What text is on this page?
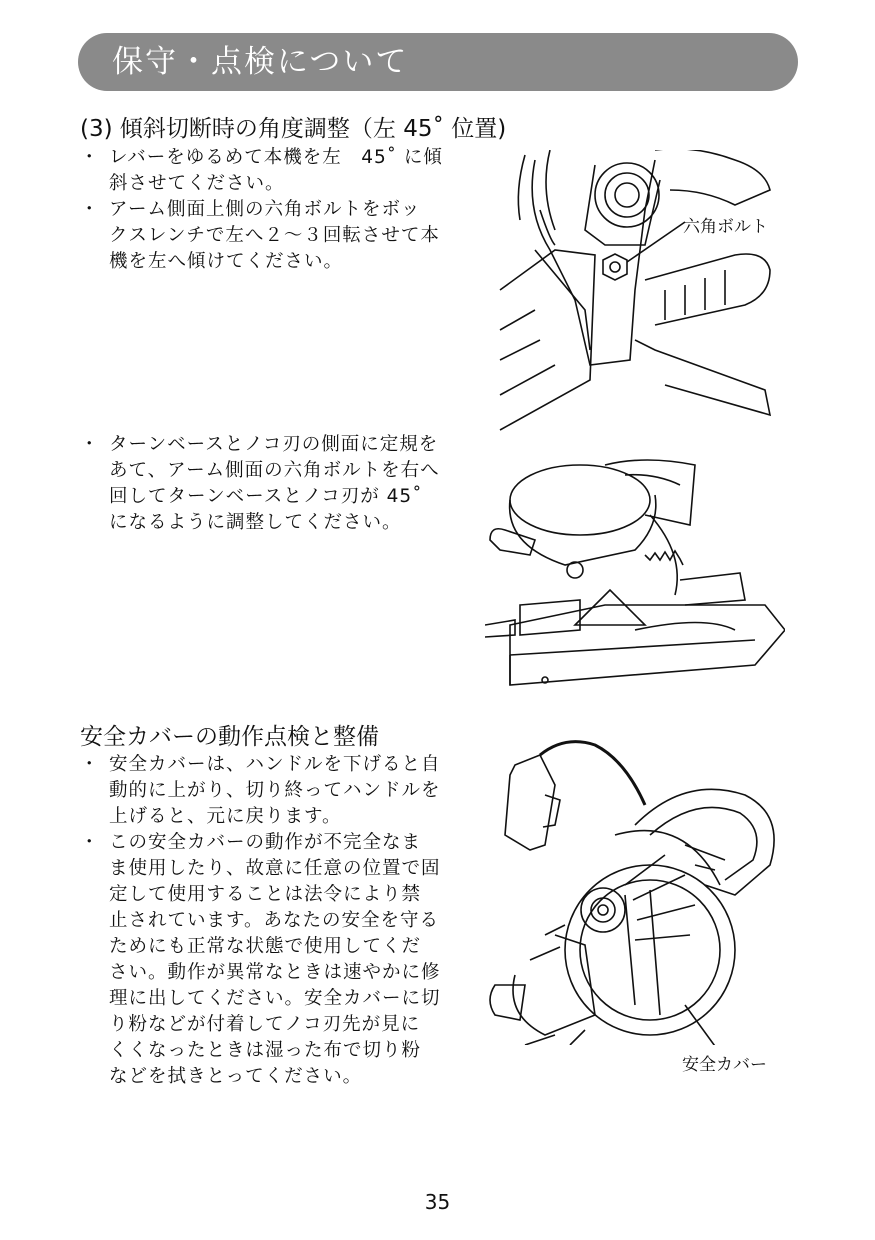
保守・点検について
(3) 傾斜切断時の角度調整（左 45˚ 位置)
・ レバーをゆるめて本機を左　45˚ に傾
斜させてください。
・ アーム側面上側の六角ボルトをボッ
クスレンチで左へ２～３回転させて本
機を左へ傾けてください。
・ ターンベースとノコ刃の側面に定規を
あて、アーム側面の六角ボルトを右へ
回してターンベースとノコ刃が 45˚
になるように調整してください。
六角ボルト
安全カバーの動作点検と整備
・ 安全カバーは、ハンドルを下げると自
動的に上がり、切り終ってハンドルを
上げると、元に戻ります。
・ この安全カバーの動作が不完全なま
ま使用したり、故意に任意の位置で固
定して使用することは法令により禁
止されています。あなたの安全を守る
ためにも正常な状態で使用してくだ
さい。動作が異常なときは速やかに修
理に出してください。安全カバーに切
り粉などが付着してノコ刃先が見に
くくなったときは湿った布で切り粉
などを拭きとってください。
安全カバー
35
